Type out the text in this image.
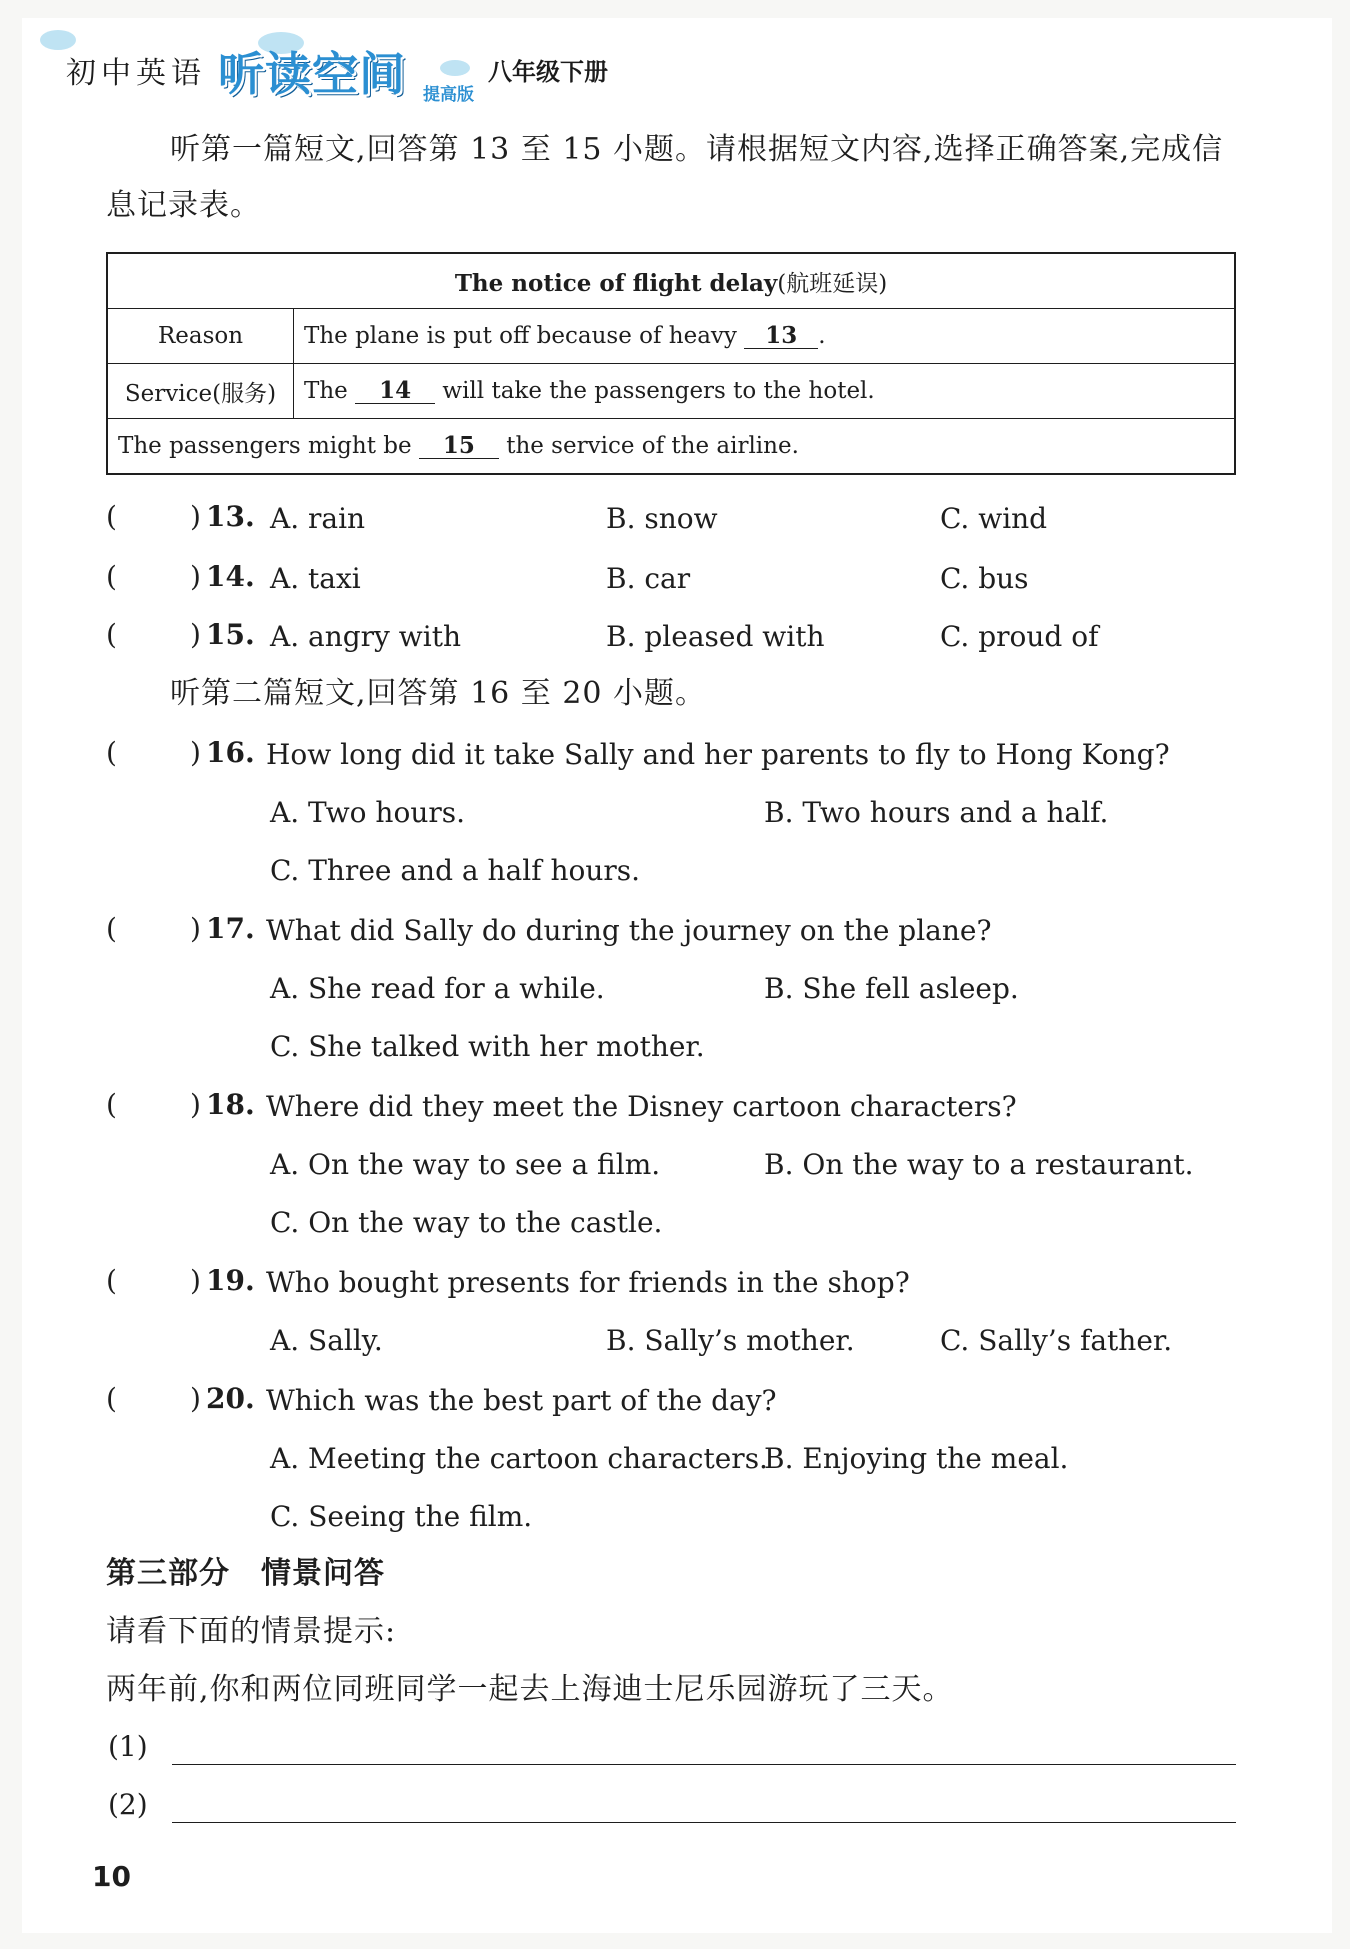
初中英语 听读空间 提高版
八年级下册
听第一篇短文,回答第 13 至 15 小题。请根据短文内容,选择正确答案,完成信
息记录表。
The notice of flight delay(航班延误)	
Reason	The plane is put off because of heavy 13 .
Service(服务)	The 14 will take the passengers to the hotel.
The passengers might be 15 the service of the airline.	
(	) 13. A. rain	B. snow	C. wind
(	) 14. A. taxi	B. car	C. bus
(	) 15. A. angry with	B. pleased with	C. proud of
听第二篇短文,回答第 16 至 20 小题。
(	) 16. How long did it take Sally and her parents to fly to Hong Kong?
A. Two hours.	B. Two hours and a half.
C. Three and a half hours.
(	) 17. What did Sally do during the journey on the plane?
A. She read for a while.	B. She fell asleep.
C. She talked with her mother.
(	) 18. Where did they meet the Disney cartoon characters?
A. On the way to see a film.	B. On the way to a restaurant.
C. On the way to the castle.
(	) 19. Who bought presents for friends in the shop?
A. Sally.	B. Sally’s mother.	C. Sally’s father.
(	) 20. Which was the best part of the day?
A. Meeting the cartoon characters.
B. Enjoying the meal.
C. Seeing the film.
第三部分　情景问答
请看下面的情景提示:
两年前,你和两位同班同学一起去上海迪士尼乐园游玩了三天。
(1)
(2)
10
